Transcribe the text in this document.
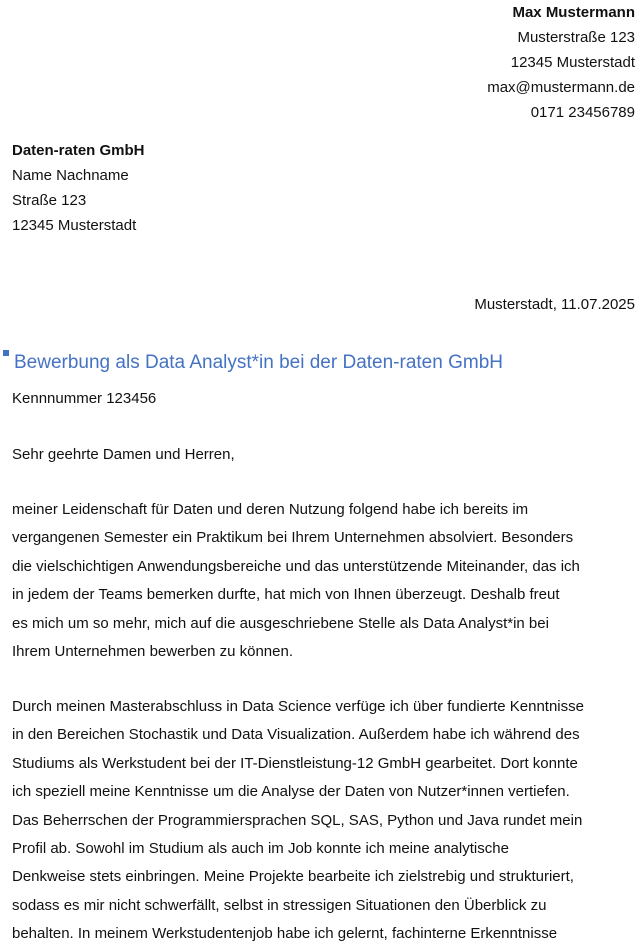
Max Mustermann
Musterstraße 123
12345 Musterstadt
max@mustermann.de
0171 23456789
Daten-raten GmbH
Name Nachname
Straße 123
12345 Musterstadt
Musterstadt, 11.07.2025
Bewerbung als Data Analyst*in bei der Daten-raten GmbH
Kennnummer 123456
Sehr geehrte Damen und Herren,
meiner Leidenschaft für Daten und deren Nutzung folgend habe ich bereits im
vergangenen Semester ein Praktikum bei Ihrem Unternehmen absolviert. Besonders
die vielschichtigen Anwendungsbereiche und das unterstützende Miteinander, das ich
in jedem der Teams bemerken durfte, hat mich von Ihnen überzeugt. Deshalb freut
es mich um so mehr, mich auf die ausgeschriebene Stelle als Data Analyst*in bei
Ihrem Unternehmen bewerben zu können.
Durch meinen Masterabschluss in Data Science verfüge ich über fundierte Kenntnisse
in den Bereichen Stochastik und Data Visualization. Außerdem habe ich während des
Studiums als Werkstudent bei der IT-Dienstleistung-12 GmbH gearbeitet. Dort konnte
ich speziell meine Kenntnisse um die Analyse der Daten von Nutzer*innen vertiefen.
Das Beherrschen der Programmiersprachen SQL, SAS, Python und Java rundet mein
Profil ab. Sowohl im Studium als auch im Job konnte ich meine analytische
Denkweise stets einbringen. Meine Projekte bearbeite ich zielstrebig und strukturiert,
sodass es mir nicht schwerfällt, selbst in stressigen Situationen den Überblick zu
behalten. In meinem Werkstudentenjob habe ich gelernt, fachinterne Erkenntnisse
